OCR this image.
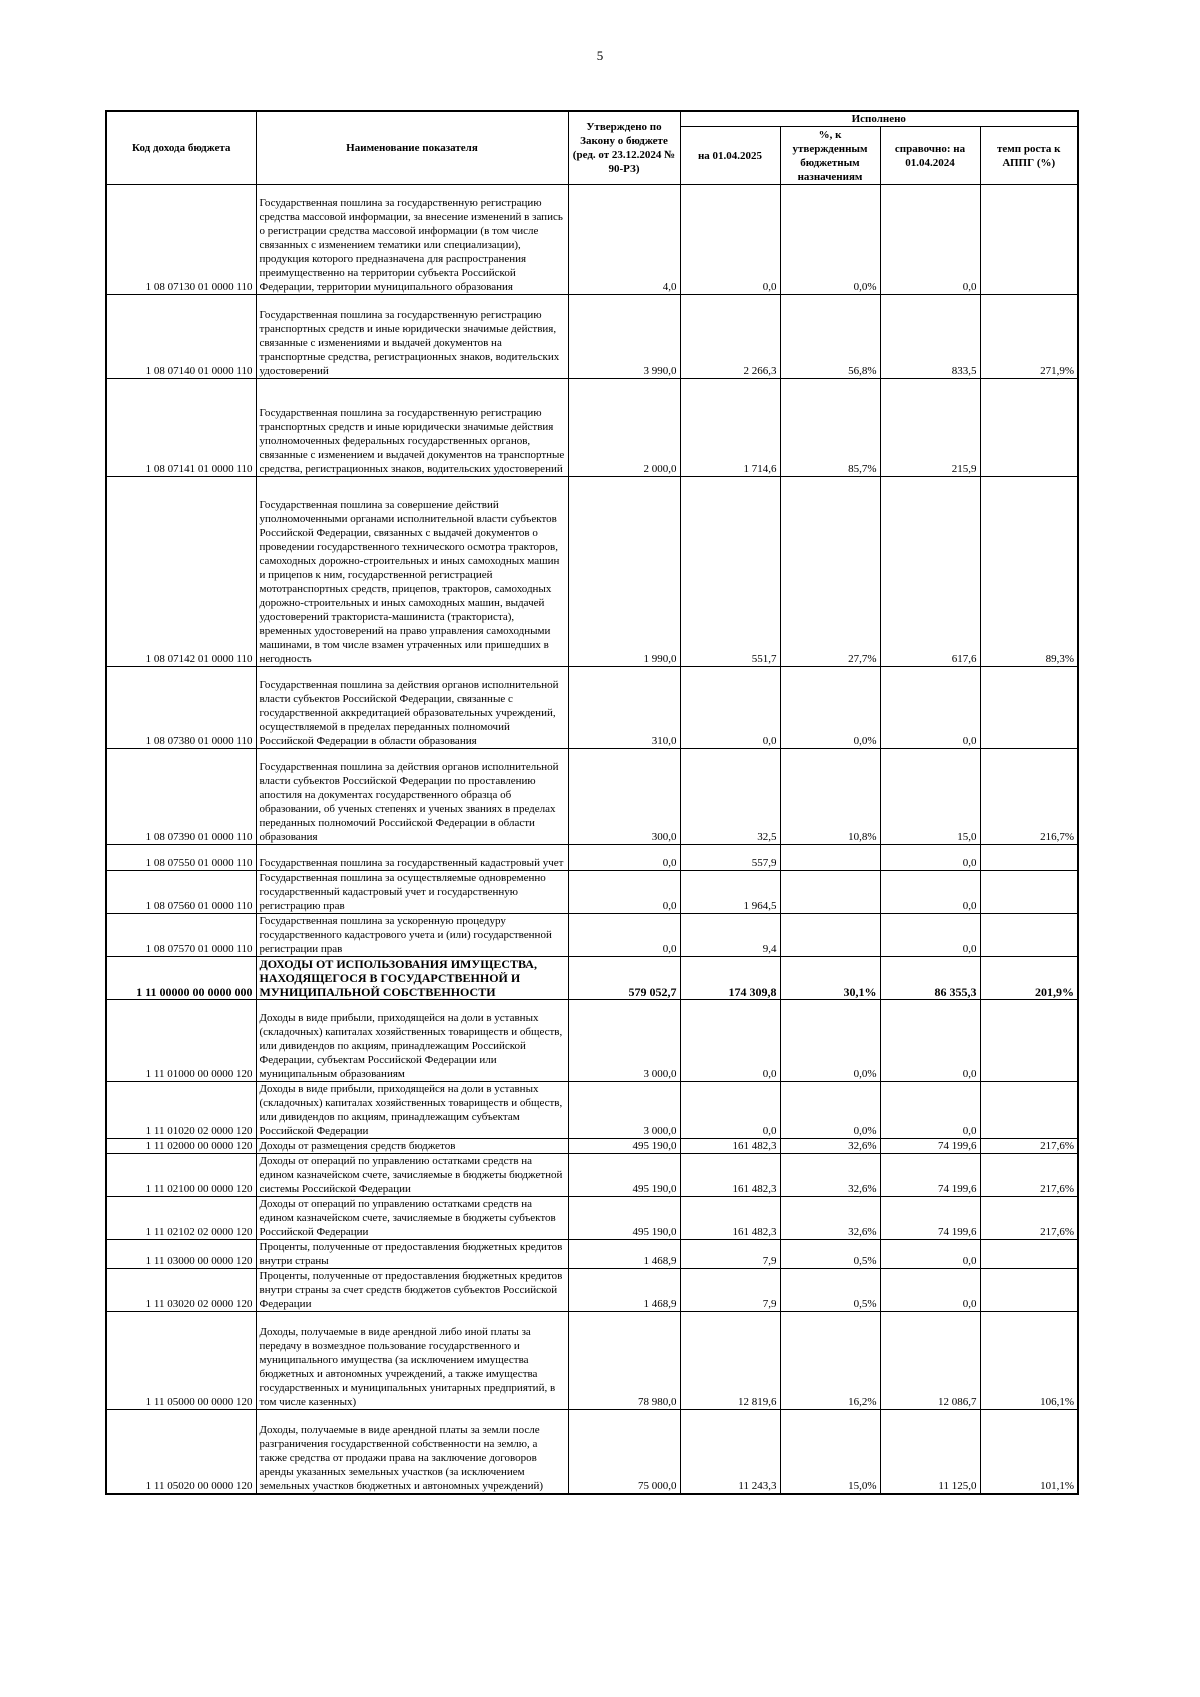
5
Код дохода бюджета	Наименование показателя	Утверждено по Закону о бюджете (ред. от 23.12.2024 № 90-РЗ)	Исполнено			
			на 01.04.2025	%, к утвержденным бюджетным назначениям	справочно: на 01.04.2024	темп роста к АППГ (%)
1 08 07130 01 0000 110	Государственная пошлина за государственную регистрацию средства массовой информации, за внесение изменений в запись о регистрации средства массовой информации (в том числе связанных с изменением тематики или специализации), продукция которого предназначена для распространения преимущественно на территории субъекта Российской Федерации, территории муниципального образования	4,0	0,0	0,0%	0,0	
1 08 07140 01 0000 110	Государственная пошлина за государственную регистрацию транспортных средств и иные юридически значимые действия, связанные с изменениями и выдачей документов на транспортные средства, регистрационных знаков, водительских удостоверений	3 990,0	2 266,3	56,8%	833,5	271,9%
1 08 07141 01 0000 110	Государственная пошлина за государственную регистрацию транспортных средств и иные юридически значимые действия уполномоченных федеральных государственных органов, связанные с изменением и выдачей документов на транспортные средства, регистрационных знаков, водительских удостоверений	2 000,0	1 714,6	85,7%	215,9	
1 08 07142 01 0000 110	Государственная пошлина за совершение действий уполномоченными органами исполнительной власти субъектов Российской Федерации, связанных с выдачей документов о проведении государственного технического осмотра тракторов, самоходных дорожно-строительных и иных самоходных машин и прицепов к ним, государственной регистрацией мототранспортных средств, прицепов, тракторов, самоходных дорожно-строительных и иных самоходных машин, выдачей удостоверений тракториста-машиниста (тракториста), временных удостоверений на право управления самоходными машинами, в том числе взамен утраченных или пришедших в негодность	1 990,0	551,7	27,7%	617,6	89,3%
1 08 07380 01 0000 110	Государственная пошлина за действия органов исполнительной власти субъектов Российской Федерации, связанные с государственной аккредитацией образовательных учреждений, осуществляемой в пределах переданных полномочий Российской Федерации в области образования	310,0	0,0	0,0%	0,0	
1 08 07390 01 0000 110	Государственная пошлина за действия органов исполнительной власти субъектов Российской Федерации по проставлению апостиля на документах государственного образца об образовании, об ученых степенях и ученых званиях в пределах переданных полномочий Российской Федерации в области образования	300,0	32,5	10,8%	15,0	216,7%
1 08 07550 01 0000 110	Государственная пошлина за государственный кадастровый учет	0,0	557,9		0,0	
1 08 07560 01 0000 110	Государственная пошлина за осуществляемые одновременно государственный кадастровый учет и государственную регистрацию прав	0,0	1 964,5		0,0	
1 08 07570 01 0000 110	Государственная пошлина за ускоренную процедуру государственного кадастрового учета и (или) государственной регистрации прав	0,0	9,4		0,0	
1 11 00000 00 0000 000	ДОХОДЫ ОТ ИСПОЛЬЗОВАНИЯ ИМУЩЕСТВА, НАХОДЯЩЕГОСЯ В ГОСУДАРСТВЕННОЙ И МУНИЦИПАЛЬНОЙ СОБСТВЕННОСТИ	579 052,7	174 309,8	30,1%	86 355,3	201,9%
1 11 01000 00 0000 120	Доходы в виде прибыли, приходящейся на доли в уставных (складочных) капиталах хозяйственных товариществ и обществ, или дивидендов по акциям, принадлежащим Российской Федерации, субъектам Российской Федерации или муниципальным образованиям	3 000,0	0,0	0,0%	0,0	
1 11 01020 02 0000 120	Доходы в виде прибыли, приходящейся на доли в уставных (складочных) капиталах хозяйственных товариществ и обществ, или дивидендов по акциям, принадлежащим субъектам Российской Федерации	3 000,0	0,0	0,0%	0,0	
1 11 02000 00 0000 120	Доходы от размещения средств бюджетов	495 190,0	161 482,3	32,6%	74 199,6	217,6%
1 11 02100 00 0000 120	Доходы от операций по управлению остатками средств на едином казначейском счете, зачисляемые в бюджеты бюджетной системы Российской Федерации	495 190,0	161 482,3	32,6%	74 199,6	217,6%
1 11 02102 02 0000 120	Доходы от операций по управлению остатками средств на едином казначейском счете, зачисляемые в бюджеты субъектов Российской Федерации	495 190,0	161 482,3	32,6%	74 199,6	217,6%
1 11 03000 00 0000 120	Проценты, полученные от предоставления бюджетных кредитов внутри страны	1 468,9	7,9	0,5%	0,0	
1 11 03020 02 0000 120	Проценты, полученные от предоставления бюджетных кредитов внутри страны за счет средств бюджетов субъектов Российской Федерации	1 468,9	7,9	0,5%	0,0	
1 11 05000 00 0000 120	Доходы, получаемые в виде арендной либо иной платы за передачу в возмездное пользование государственного и муниципального имущества (за исключением имущества бюджетных и автономных учреждений, а также имущества государственных и муниципальных унитарных предприятий, в том числе казенных)	78 980,0	12 819,6	16,2%	12 086,7	106,1%
1 11 05020 00 0000 120	Доходы, получаемые в виде арендной платы за земли после разграничения государственной собственности на землю, а также средства от продажи права на заключение договоров аренды указанных земельных участков (за исключением земельных участков бюджетных и автономных учреждений)	75 000,0	11 243,3	15,0%	11 125,0	101,1%
